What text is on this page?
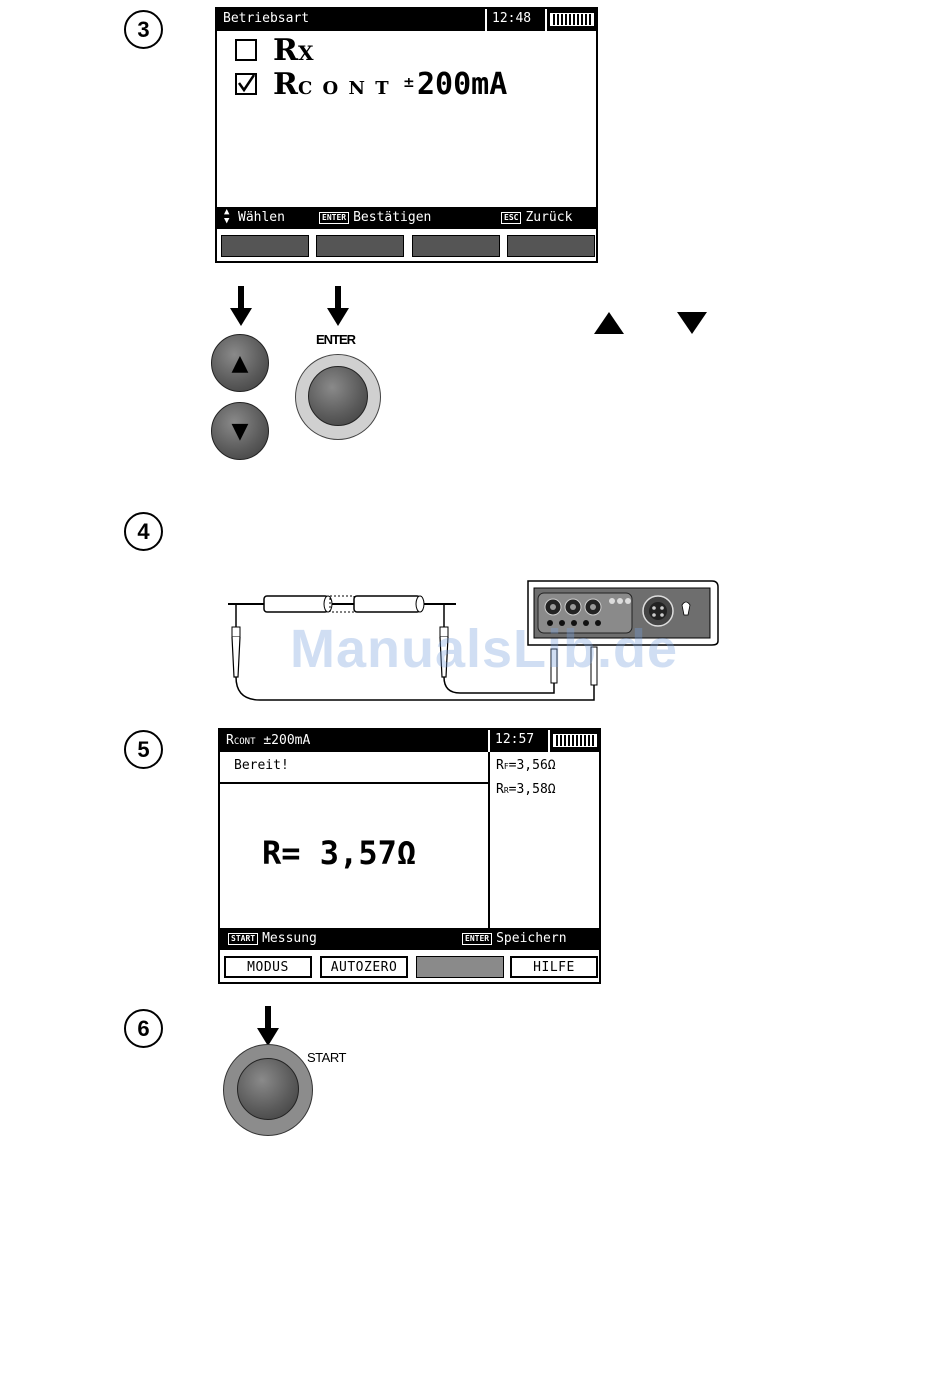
3
4
5
6
Betriebsart	12:48
RX
RC O N T ± 200mA
▲
▼ Wählen	ENTER Bestätigen	ESC Zurück
▲
▼
ENTER
ManualsLib.de
RCONT ±200mA	12:57
Bereit!	RF=3,56Ω
RR=3,58Ω
R= 3,57Ω
START Messung	ENTER Speichern
MODUS	AUTOZERO	HILFE
START
